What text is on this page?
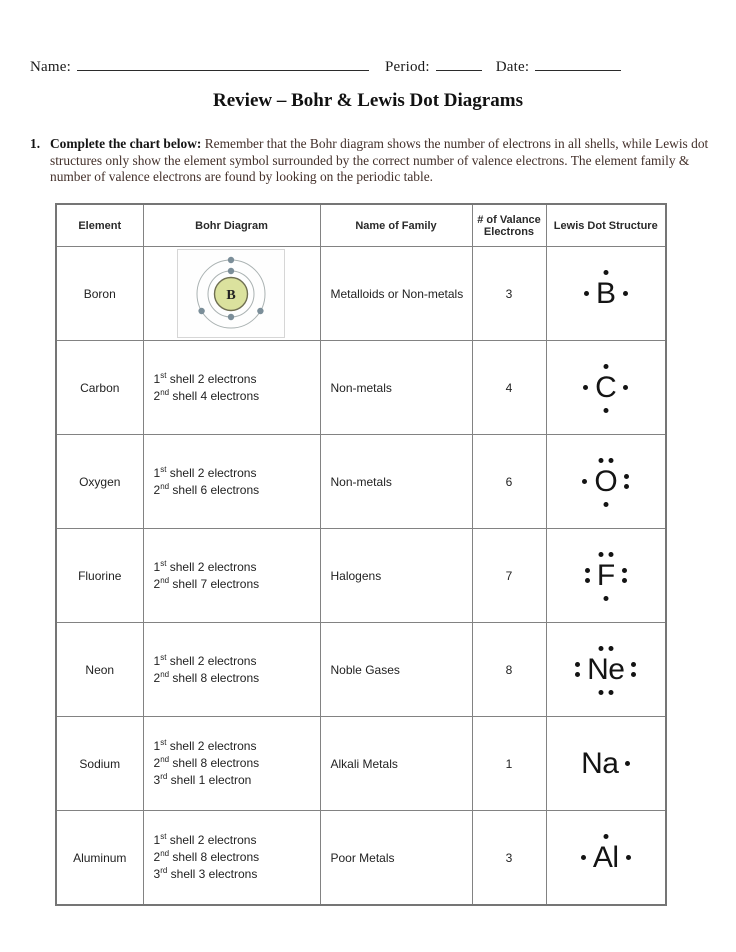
Name:	Period:	Date:
Review – Bohr & Lewis Dot Diagrams
1. Complete the chart below: Remember that the Bohr diagram shows the number of electrons in all shells, while Lewis dot structures only show the element symbol surrounded by the correct number of valence electrons. The element family & number of valence electrons are found by looking on the periodic table.
Element	Bohr Diagram	Name of Family	# of Valance Electrons	Lewis Dot Structure
Boron	B	Metalloids or Non-metals	3	B

Carbon	1st shell 2 electrons
2nd shell 4 electrons	Non-metals	4	C

Oxygen	1st shell 2 electrons
2nd shell 6 electrons	Non-metals	6	O

Fluorine	1st shell 2 electrons
2nd shell 7 electrons	Halogens	7	F

Neon	1st shell 2 electrons
2nd shell 8 electrons	Noble Gases	8	Ne

Sodium	1st shell 2 electrons
2nd shell 8 electrons
3rd shell 1 electron	Alkali Metals	1	Na

Aluminum	1st shell 2 electrons
2nd shell 8 electrons
3rd shell 3 electrons	Poor Metals	3	Al
